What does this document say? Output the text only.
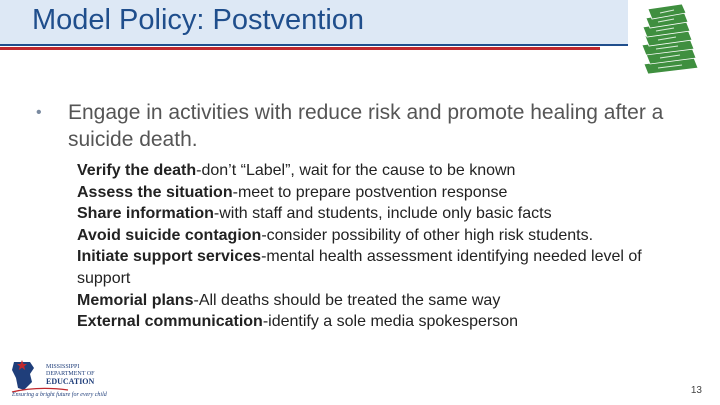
Model Policy: Postvention
• Engage in activities with reduce risk and promote healing after a suicide death.
Verify the death-don’t “Label”, wait for the cause to be known
Assess the situation-meet to prepare postvention response
Share information-with staff and students, include only basic facts
Avoid suicide contagion-consider possibility of other high risk students.
Initiate support services-mental health assessment identifying needed level of support
Memorial plans-All deaths should be treated the same way
External communication-identify a sole media spokesperson
MISSISSIPPI
DEPARTMENT OF
EDUCATION
Ensuring a bright future for every child	13
